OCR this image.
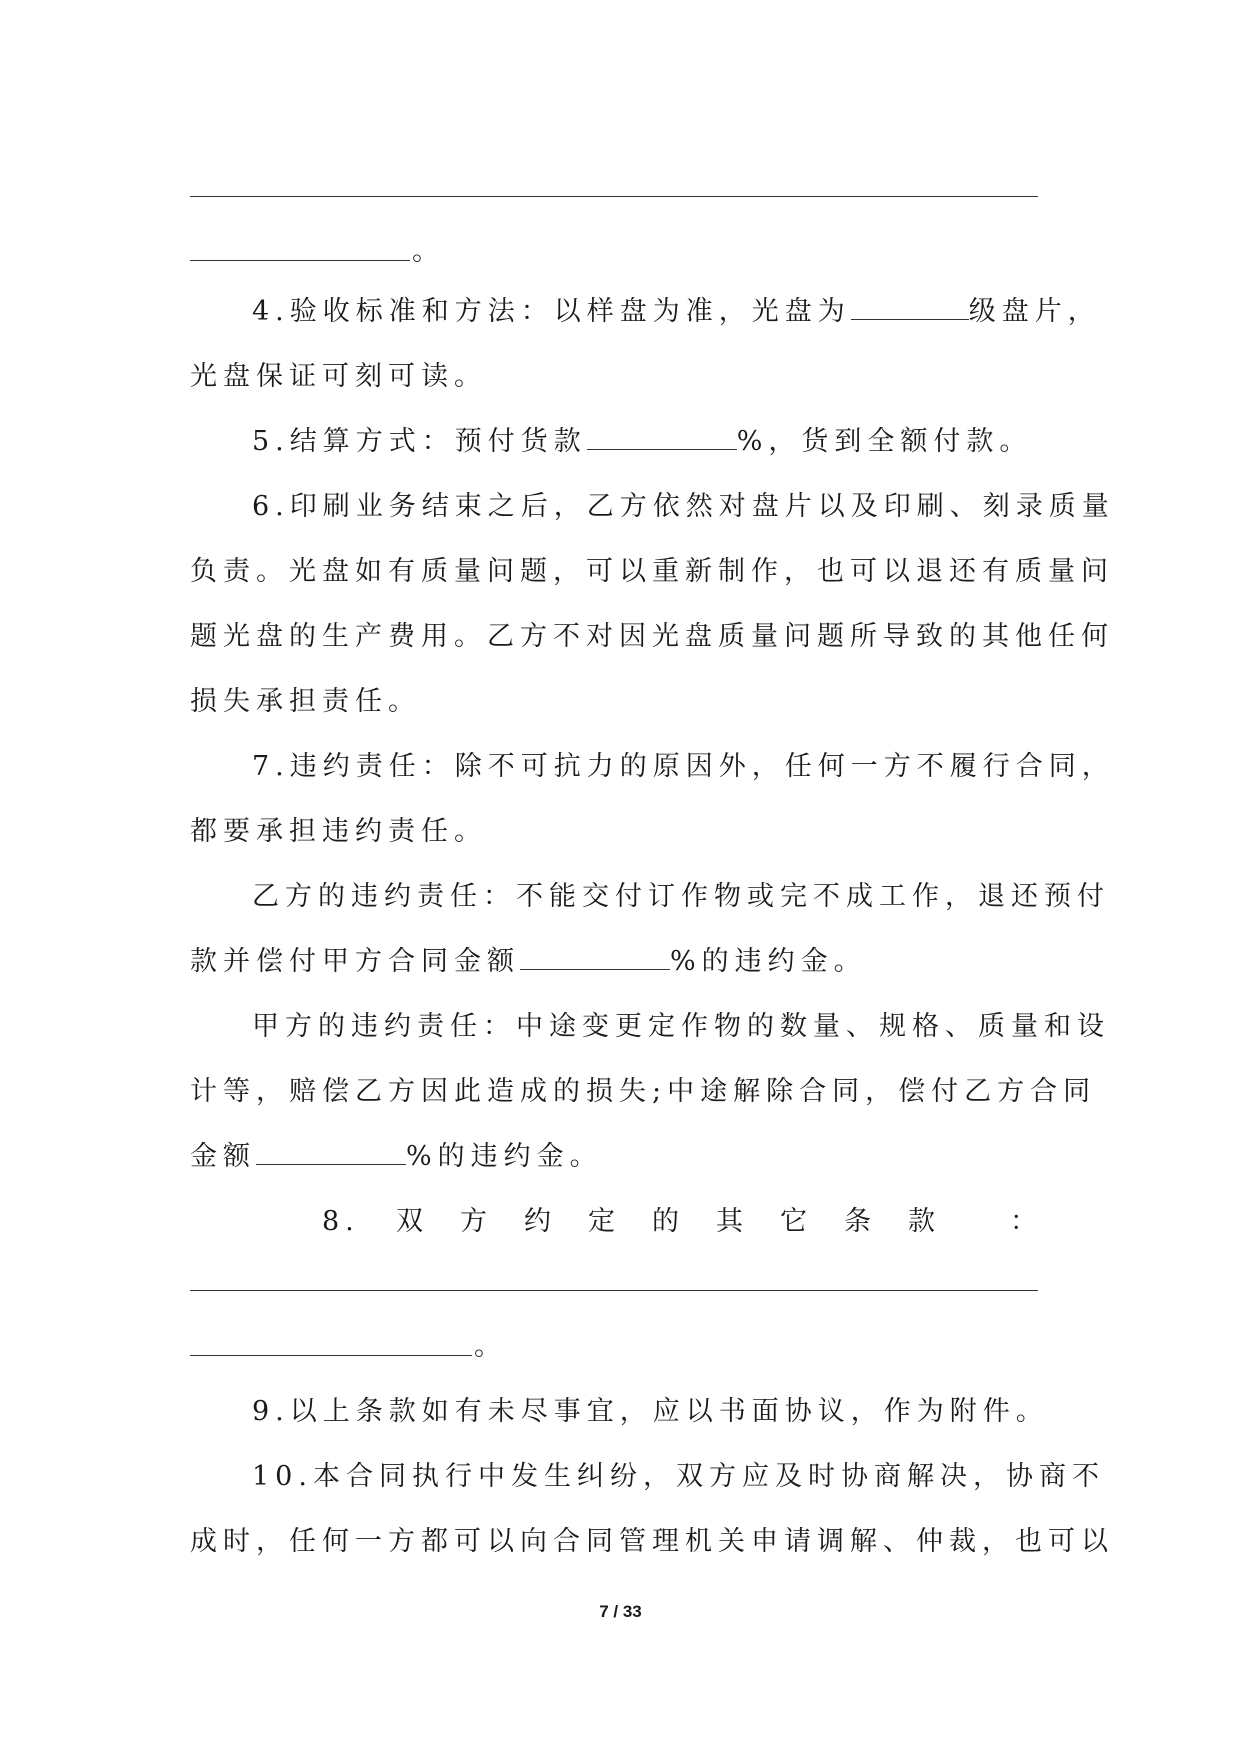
。
4.验收标准和方法：以样盘为准，光盘为	级盘片，
光盘保证可刻可读。
5.结算方式：预付货款	%，货到全额付款。
6.印刷业务结束之后，乙方依然对盘片以及印刷、刻录质量
负责。光盘如有质量问题，可以重新制作，也可以退还有质量问
题光盘的生产费用。乙方不对因光盘质量问题所导致的其他任何
损失承担责任。
7.违约责任：除不可抗力的原因外，任何一方不履行合同，
都要承担违约责任。
乙方的违约责任：不能交付订作物或完不成工作，退还预付
款并偿付甲方合同金额	%的违约金。
甲方的违约责任：中途变更定作物的数量、规格、质量和设
计等，赔偿乙方因此造成的损失;中途解除合同，偿付乙方合同
金额	%的违约金。
8. 双 方 约 定 的 其 它 条 款	：
。
9.以上条款如有未尽事宜，应以书面协议，作为附件。
10.本合同执行中发生纠纷，双方应及时协商解决，协商不
成时，任何一方都可以向合同管理机关申请调解、仲裁，也可以
7 / 33
